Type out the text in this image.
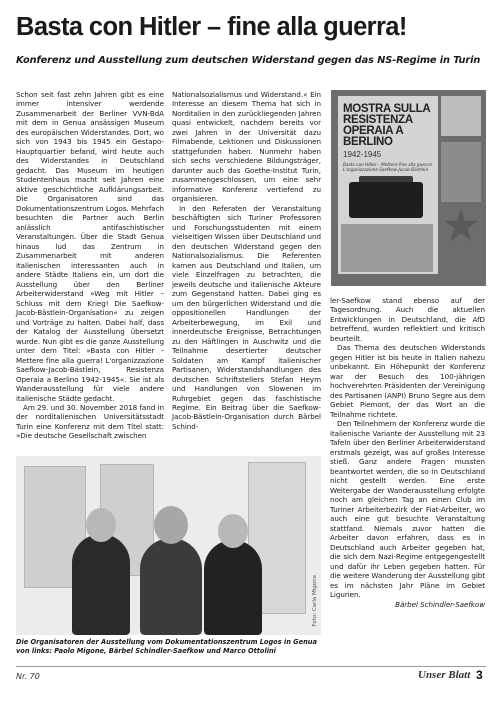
Basta con Hitler – fine alla guerra!
Konferenz und Ausstellung zum deutschen Widerstand gegen das NS-Regime in Turin

Schon seit fast zehn Jahren gibt es eine immer intensiver werdende Zusammenarbeit der Berliner VVN-BdA mit dem in Genua ansässigen Museum des europäischen Widerstandes. Dort, wo sich von 1943 bis 1945 ein Gestapo-Hauptquartier befand, wird heute auch des Widerstandes in Deutschland gedacht. Das Museum im heutigen Studentenhaus macht seit Jahren eine aktive geschichtliche Aufklärungsarbeit. Die Organisatoren sind das Dokumentationszentrum Logos. Mehrfach besuchten die Partner auch Berlin anlässlich antifaschistischer Veranstaltungen. Über die Stadt Genua hinaus lud das Zentrum in Zusammenarbeit mit anderen italienischen interessanten auch in andere Städte Italiens ein, um dort die Ausstellung über den Berliner Arbeiterwiderstand »Weg mit Hitler – Schluss mit dem Krieg! Die Saefkow-Jacob-Bästlein-Organisation« zu zeigen und Vorträge zu halten. Dabei half, dass der Katalog der Ausstellung übersetzt wurde. Nun gibt es die ganze Ausstellung unter dem Titel: »Basta con Hitler – Mettere fine alla guerra! L'organizzazione Saefkow-Jacob-Bästlein, Resistenza Operaia a Berlino 1942-1945«. Sie ist als Wanderausstellung für viele andere italienische Städte gedacht.

Am 29. und 30. November 2018 fand in der norditalienischen Universitätsstadt Turin eine Konferenz mit dem Titel statt: »Die deutsche Gesellschaft zwischen

Nationalsozialismus und Widerstand.« Ein Interesse an diesem Thema hat sich in Norditalien in den zurückliegenden Jahren quasi entwickelt, nachdem bereits vor zwei Jahren in der Universität dazu Filmabende, Lektionen und Diskussionen stattgefunden haben. Nunmehr haben sich sechs verschiedene Bildungsträger, darunter auch das Goethe-Institut Turin, zusammengeschlossen, um eine sehr informative Konferenz vertiefend zu organisieren.

In den Referaten der Veranstaltung beschäftigten sich Turiner Professoren und Forschungsstudenten mit einem vielseitigen Wissen über Deutschland und den deutschen Widerstand gegen den Nationalsozialismus. Die Referenten kamen aus Deutschland und Italien, um viele Einzelfragen zu betrachten, die jeweils deutsche und italienische Akteure zum Gegenstand hatten. Dabei ging es um den bürgerlichen Widerstand und die oppositionellen Handlungen der Arbeiterbewegung, im Exil und innerdeutsche Ereignisse, Betrachtungen zu den Häftlingen in Auschwitz und die Teilnahme desertierter deutscher Soldaten am Kampf italienischer Partisanen, Widerstandshandlungen des deutschen Schriftstellers Stefan Heym und Handlungen von Slowenen im Ruhrgebiet gegen das faschistische Regime. Ein Beitrag über die Saefkow-Jacob-Bästlein-Organisation durch Bärbel Schind-

MOSTRA SULLA RESISTENZA OPERAIA A BERLINO
1942-1945
Basta con Hitler – Mettere fine alla guerra! L'organizzazione Saefkow-Jacob-Bästlein

ler-Saefkow stand ebenso auf der Tagesordnung. Auch die aktuellen Entwicklungen in Deutschland, die AfD betreffend, wurden reflektiert und kritisch beurteilt.

Das Thema des deutschen Widerstands gegen Hitler ist bis heute in Italien nahezu unbekannt. Ein Höhepunkt der Konferenz war der Besuch des 100-jährigen hochverehrten Präsidenten der Vereinigung des Partisanen (ANPI) Bruno Segre aus dem Gebiet Piemont, der das Wort an die Teilnahme richtete.

Den Teilnehmern der Konferenz wurde die italienische Variante der Ausstellung mit 23 Tafeln über den Berliner Arbeiterwiderstand erstmals gezeigt, was auf großes Interesse stieß. Ganz andere Fragen mussten beantwortet werden, die so in Deutschland nicht gestellt werden. Eine erste Weitergabe der Wanderausstellung erfolgte noch am gleichen Tag an einen Club im Turiner Arbeiterbezirk der Fiat-Arbeiter, wo auch eine gut besuchte Veranstaltung stattfand. Niemals zuvor hatten die Arbeiter davon erfahren, dass es in Deutschland auch Arbeiter gegeben hat, die sich dem Nazi-Regime entgegengestellt und dafür ihr Leben gegeben hatten. Für die weitere Wanderung der Ausstellung gibt es im nächsten Jahr Pläne im Gebiet Ligurien.

Bärbel Schindler-Saefkow

Foto: Carla Migone
Die Organisatoren der Ausstellung vom Dokumentationszentrum Logos in Genua von links: Paolo Migone, Bärbel Schindler-Saefkow und Marco Ottolini
Nr. 70	Unser Blatt 3
